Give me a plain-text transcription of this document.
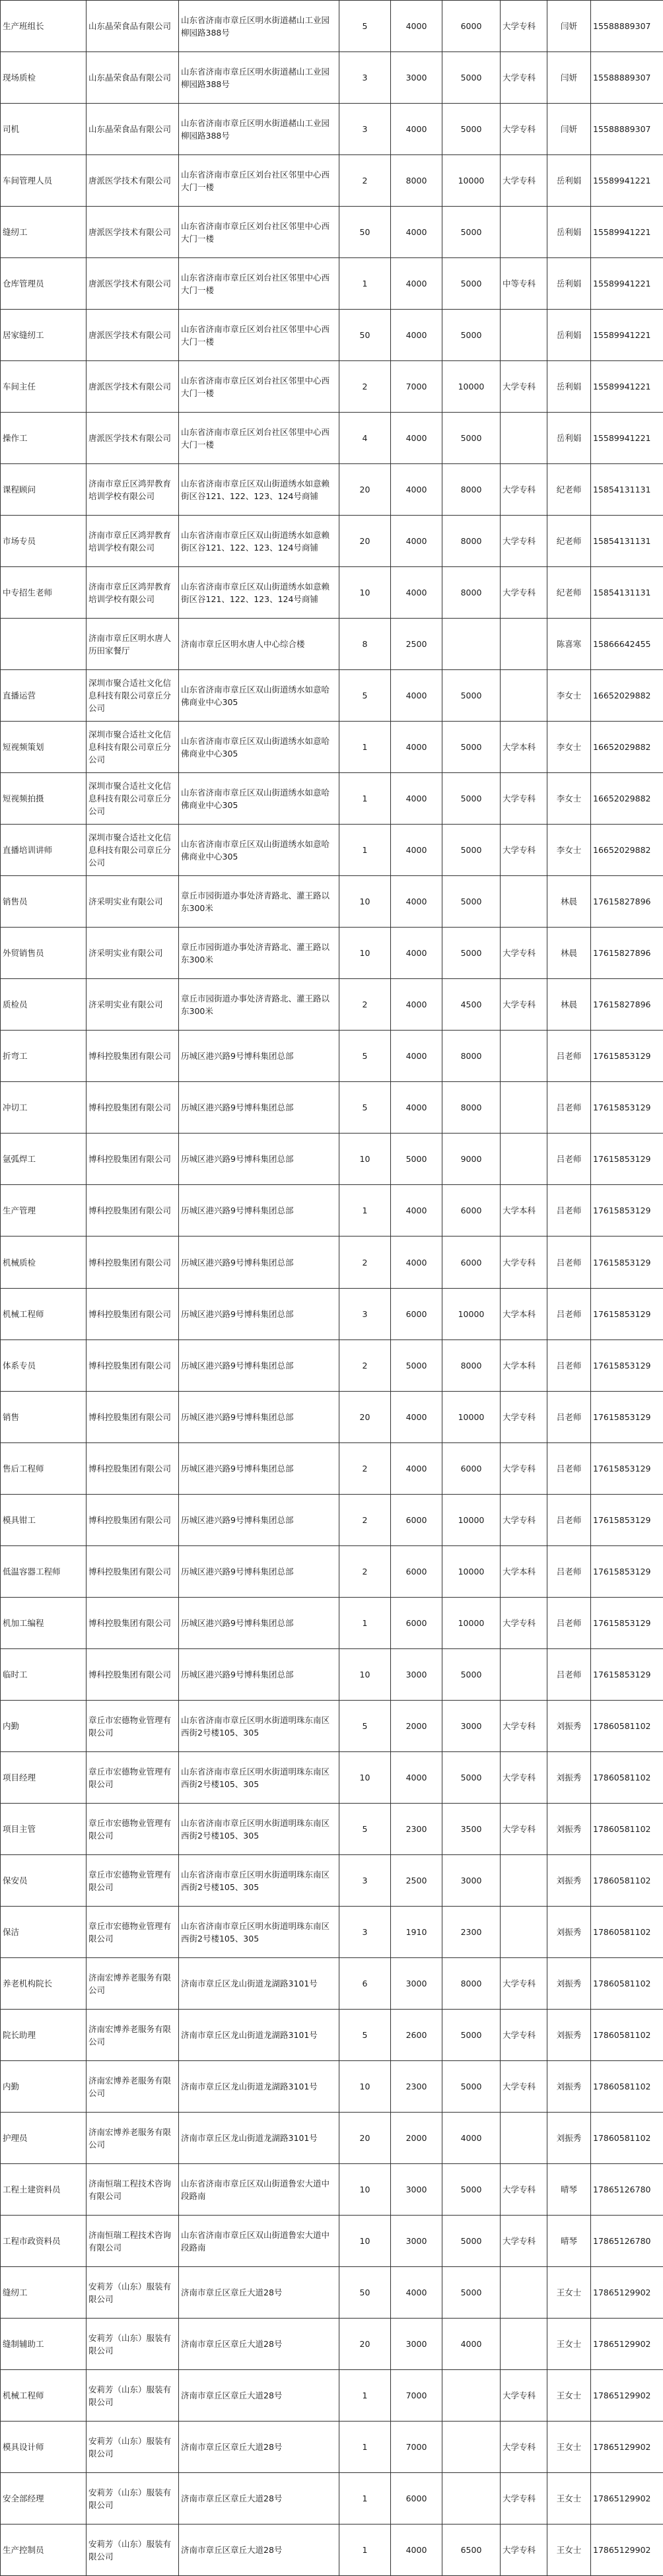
生产班组长	山东晶荣食品有限公司	山东省济南市章丘区明水街道赭山工业园柳园路388号	5	4000	6000	大学专科	闫妍	15588889307
现场质检	山东晶荣食品有限公司	山东省济南市章丘区明水街道赭山工业园柳园路388号	3	3000	5000	大学专科	闫妍	15588889307
司机	山东晶荣食品有限公司	山东省济南市章丘区明水街道赭山工业园柳园路388号	3	4000	5000	大学专科	闫妍	15588889307
车间管理人员	唐派医学技术有限公司	山东省济南市章丘区刘台社区邻里中心西大门一楼	2	8000	10000	大学专科	岳利娟	15589941221
缝纫工	唐派医学技术有限公司	山东省济南市章丘区刘台社区邻里中心西大门一楼	50	4000	5000		岳利娟	15589941221
仓库管理员	唐派医学技术有限公司	山东省济南市章丘区刘台社区邻里中心西大门一楼	1	4000	5000	中等专科	岳利娟	15589941221
居家缝纫工	唐派医学技术有限公司	山东省济南市章丘区刘台社区邻里中心西大门一楼	50	4000	5000		岳利娟	15589941221
车间主任	唐派医学技术有限公司	山东省济南市章丘区刘台社区邻里中心西大门一楼	2	7000	10000	大学专科	岳利娟	15589941221
操作工	唐派医学技术有限公司	山东省济南市章丘区刘台社区邻里中心西大门一楼	4	4000	5000		岳利娟	15589941221
课程顾问	济南市章丘区鸿羿教育培训学校有限公司	山东省济南市章丘区双山街道绣水如意赖街区谷121、122、123、124号商铺	20	4000	8000	大学专科	纪老师	15854131131
市场专员	济南市章丘区鸿羿教育培训学校有限公司	山东省济南市章丘区双山街道绣水如意赖街区谷121、122、123、124号商铺	20	4000	8000	大学专科	纪老师	15854131131
中专招生老师	济南市章丘区鸿羿教育培训学校有限公司	山东省济南市章丘区双山街道绣水如意赖街区谷121、122、123、124号商铺	10	4000	8000	大学专科	纪老师	15854131131
	济南市章丘区明水唐人历田家餐厅	济南市章丘区明水唐人中心综合楼	8	2500			陈喜寒	15866642455
直播运营	深圳市聚合适社文化信息科技有限公司章丘分公司	山东省济南市章丘区双山街道绣水如意哈佛商业中心305	5	4000	5000		李女士	16652029882
短视频策划	深圳市聚合适社文化信息科技有限公司章丘分公司	山东省济南市章丘区双山街道绣水如意哈佛商业中心305	1	4000	5000	大学本科	李女士	16652029882
短视频拍摄	深圳市聚合适社文化信息科技有限公司章丘分公司	山东省济南市章丘区双山街道绣水如意哈佛商业中心305	1	4000	5000	大学专科	李女士	16652029882
直播培训讲师	深圳市聚合适社文化信息科技有限公司章丘分公司	山东省济南市章丘区双山街道绣水如意哈佛商业中心305	1	4000	5000	大学专科	李女士	16652029882
销售员	济采明实业有限公司	章丘市园街道办事处济青路北、灌王路以东300米	10	4000	5000		林晨	17615827896
外贸销售员	济采明实业有限公司	章丘市园街道办事处济青路北、灌王路以东300米	10	4000	5000	大学专科	林晨	17615827896
质检员	济采明实业有限公司	章丘市园街道办事处济青路北、灌王路以东300米	2	4000	4500	大学专科	林晨	17615827896
折弯工	博科控股集团有限公司	历城区港兴路9号博科集团总部	5	4000	8000		吕老师	17615853129
冲切工	博科控股集团有限公司	历城区港兴路9号博科集团总部	5	4000	8000		吕老师	17615853129
氩弧焊工	博科控股集团有限公司	历城区港兴路9号博科集团总部	10	5000	9000		吕老师	17615853129
生产管理	博科控股集团有限公司	历城区港兴路9号博科集团总部	1	4000	6000	大学本科	吕老师	17615853129
机械质检	博科控股集团有限公司	历城区港兴路9号博科集团总部	2	4000	6000	大学专科	吕老师	17615853129
机械工程师	博科控股集团有限公司	历城区港兴路9号博科集团总部	3	6000	10000	大学本科	吕老师	17615853129
体系专员	博科控股集团有限公司	历城区港兴路9号博科集团总部	2	5000	8000	大学本科	吕老师	17615853129
销售	博科控股集团有限公司	历城区港兴路9号博科集团总部	20	4000	10000	大学专科	吕老师	17615853129
售后工程师	博科控股集团有限公司	历城区港兴路9号博科集团总部	2	4000	6000	大学专科	吕老师	17615853129
模具钳工	博科控股集团有限公司	历城区港兴路9号博科集团总部	2	6000	10000	大学专科	吕老师	17615853129
低温容器工程师	博科控股集团有限公司	历城区港兴路9号博科集团总部	2	6000	10000	大学本科	吕老师	17615853129
机加工编程	博科控股集团有限公司	历城区港兴路9号博科集团总部	1	6000	10000	大学专科	吕老师	17615853129
临时工	博科控股集团有限公司	历城区港兴路9号博科集团总部	10	3000	5000		吕老师	17615853129
内勤	章丘市宏德物业管理有限公司	山东省济南市章丘区明水街道明珠东南区西街2号楼105、305	5	2000	3000	大学专科	刘振秀	17860581102
项目经理	章丘市宏德物业管理有限公司	山东省济南市章丘区明水街道明珠东南区西街2号楼105、305	10	4000	5000	大学专科	刘振秀	17860581102
项目主管	章丘市宏德物业管理有限公司	山东省济南市章丘区明水街道明珠东南区西街2号楼105、305	5	2300	3500	大学专科	刘振秀	17860581102
保安员	章丘市宏德物业管理有限公司	山东省济南市章丘区明水街道明珠东南区西街2号楼105、305	3	2500	3000		刘振秀	17860581102
保洁	章丘市宏德物业管理有限公司	山东省济南市章丘区明水街道明珠东南区西街2号楼105、305	3	1910	2300		刘振秀	17860581102
养老机构院长	济南宏博养老服务有限公司	济南市章丘区龙山街道龙湖路3101号	6	3000	8000	大学专科	刘振秀	17860581102
院长助理	济南宏博养老服务有限公司	济南市章丘区龙山街道龙湖路3101号	5	2600	5000	大学专科	刘振秀	17860581102
内勤	济南宏博养老服务有限公司	济南市章丘区龙山街道龙湖路3101号	10	2300	5000	大学专科	刘振秀	17860581102
护理员	济南宏博养老服务有限公司	济南市章丘区龙山街道龙湖路3101号	20	2000	4000		刘振秀	17860581102
工程土建资料员	济南恒瑞工程技术咨询有限公司	山东省济南市章丘区双山街道鲁宏大道中段路南	10	3000	5000	大学专科	晴琴	17865126780
工程市政资料员	济南恒瑞工程技术咨询有限公司	山东省济南市章丘区双山街道鲁宏大道中段路南	10	3000	5000	大学专科	晴琴	17865126780
缝纫工	安莉芳（山东）服装有限公司	济南市章丘区章丘大道28号	50	4000	5000		王女士	17865129902
缝制辅助工	安莉芳（山东）服装有限公司	济南市章丘区章丘大道28号	20	3000	4000		王女士	17865129902
机械工程师	安莉芳（山东）服装有限公司	济南市章丘区章丘大道28号	1	7000		大学专科	王女士	17865129902
模具设计师	安莉芳（山东）服装有限公司	济南市章丘区章丘大道28号	1	7000		大学专科	王女士	17865129902
安全部经理	安莉芳（山东）服装有限公司	济南市章丘区章丘大道28号	1	6000		大学专科	王女士	17865129902
生产控制员	安莉芳（山东）服装有限公司	济南市章丘区章丘大道28号	1	4000	6500	大学专科	王女士	17865129902
